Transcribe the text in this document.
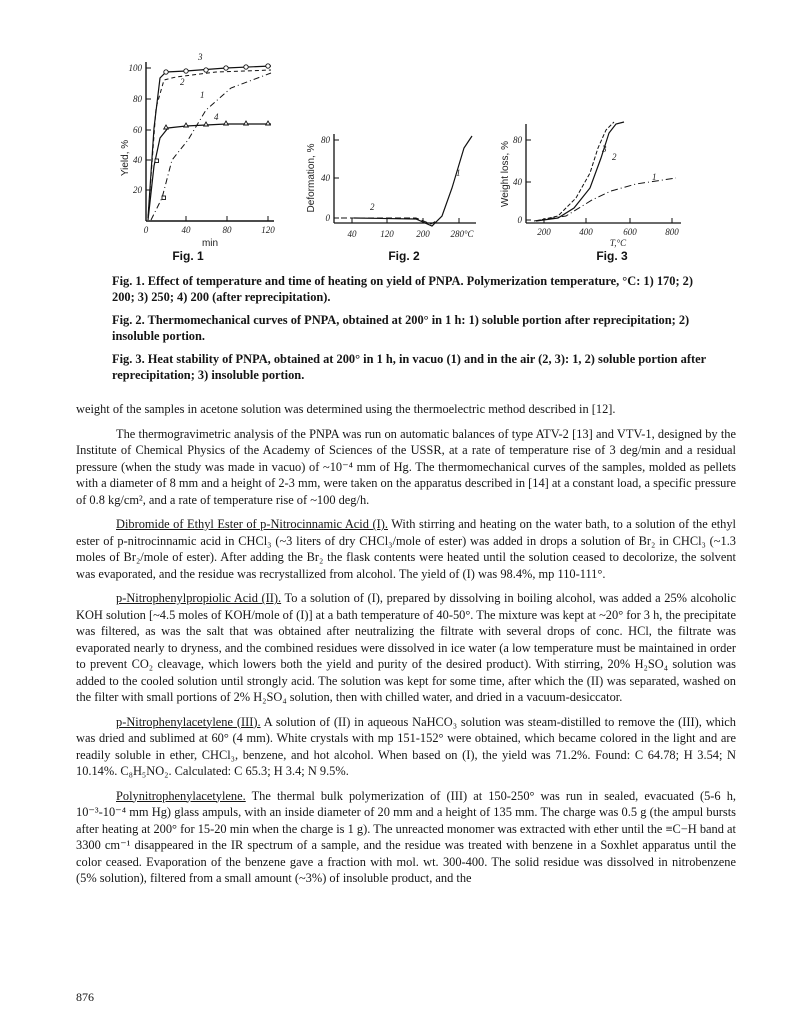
100
80
60
40
20
0	40	80	120
min
Yield, %
3
2
1
4
Fig. 1
80
40
0
40	120	200 280°C
Deformation, %	2
1
Fig. 2
80
40
0
200	400	600	800
T,°C
Weight loss, %	3
2
1
Fig. 3

Fig. 1. Effect of temperature and time of heating on yield of PNPA. Polymerization temperature, °C: 1) 170; 2) 200; 3) 250; 4) 200 (after reprecipitation).

Fig. 2. Thermomechanical curves of PNPA, obtained at 200° in 1 h: 1) soluble portion after reprecipitation; 2) insoluble portion.

Fig. 3. Heat stability of PNPA, obtained at 200° in 1 h, in vacuo (1) and in the air (2, 3): 1, 2) soluble portion after reprecipitation; 3) insoluble portion.

weight of the samples in acetone solution was determined using the thermoelectric method described in [12].

The thermogravimetric analysis of the PNPA was run on automatic balances of type ATV-2 [13] and VTV-1, designed by the Institute of Chemical Physics of the Academy of Sciences of the USSR, at a rate of temperature rise of 3 deg/min and a residual pressure (when the study was made in vacuo) of ~10⁻⁴ mm of Hg. The thermomechanical curves of the samples, molded as pellets with a diameter of 8 mm and a height of 2-3 mm, were taken on the apparatus described in [14] at a constant load, a specific pressure of 0.8 kg/cm², and a rate of temperature rise of ~100 deg/h.

Dibromide of Ethyl Ester of p-Nitrocinnamic Acid (I). With stirring and heating on the water bath, to a solution of the ethyl ester of p-nitrocinnamic acid in CHCl₃ (~3 liters of dry CHCl₃/mole of ester) was added in drops a solution of Br₂ in CHCl₃ (~1.3 moles of Br₂/mole of ester). After adding the Br₂ the flask contents were heated until the solution ceased to decolorize, the solvent was evaporated, and the residue was recrystallized from alcohol. The yield of (I) was 98.4%, mp 110-111°.

p-Nitrophenylpropiolic Acid (II). To a solution of (I), prepared by dissolving in boiling alcohol, was added a 25% alcoholic KOH solution [~4.5 moles of KOH/mole of (I)] at a bath temperature of 40-50°. The mixture was kept at ~20° for 3 h, the precipitate was filtered, as was the salt that was obtained after neutralizing the filtrate with several drops of conc. HCl, the filtrate was evaporated nearly to dryness, and the combined residues were dissolved in ice water (a low temperature must be maintained in order to prevent CO₂ cleavage, which lowers both the yield and purity of the desired product). With stirring, 20% H₂SO₄ solution was added to the cooled solution until strongly acid. The solution was kept for some time, after which the (II) was separated, washed on the filter with small portions of 2% H₂SO₄ solution, then with chilled water, and dried in a vacuum-desiccator.

p-Nitrophenylacetylene (III). A solution of (II) in aqueous NaHCO₃ solution was steam-distilled to remove the (III), which was dried and sublimed at 60° (4 mm). White crystals with mp 151-152° were obtained, which became colored in the light and are readily soluble in ether, CHCl₃, benzene, and hot alcohol. When based on (I), the yield was 71.2%. Found: C 64.78; H 3.54; N 10.14%. C₈H₅NO₂. Calculated: C 65.3; H 3.4; N 9.5%.

Polynitrophenylacetylene. The thermal bulk polymerization of (III) at 150-250° was run in sealed, evacuated (5-6 h, 10⁻³-10⁻⁴ mm Hg) glass ampuls, with an inside diameter of 20 mm and a height of 135 mm. The charge was 0.5 g (the ampul bursts after heating at 200° for 15-20 min when the charge is 1 g). The unreacted monomer was extracted with ether until the ≡C−H band at 3300 cm⁻¹ disappeared in the IR spectrum of a sample, and the residue was treated with benzene in a Soxhlet apparatus until the color ceased. Evaporation of the benzene gave a fraction with mol. wt. 300-400. The solid residue was dissolved in nitrobenzene (5% solution), filtered from a small amount (~3%) of insoluble product, and the

876
